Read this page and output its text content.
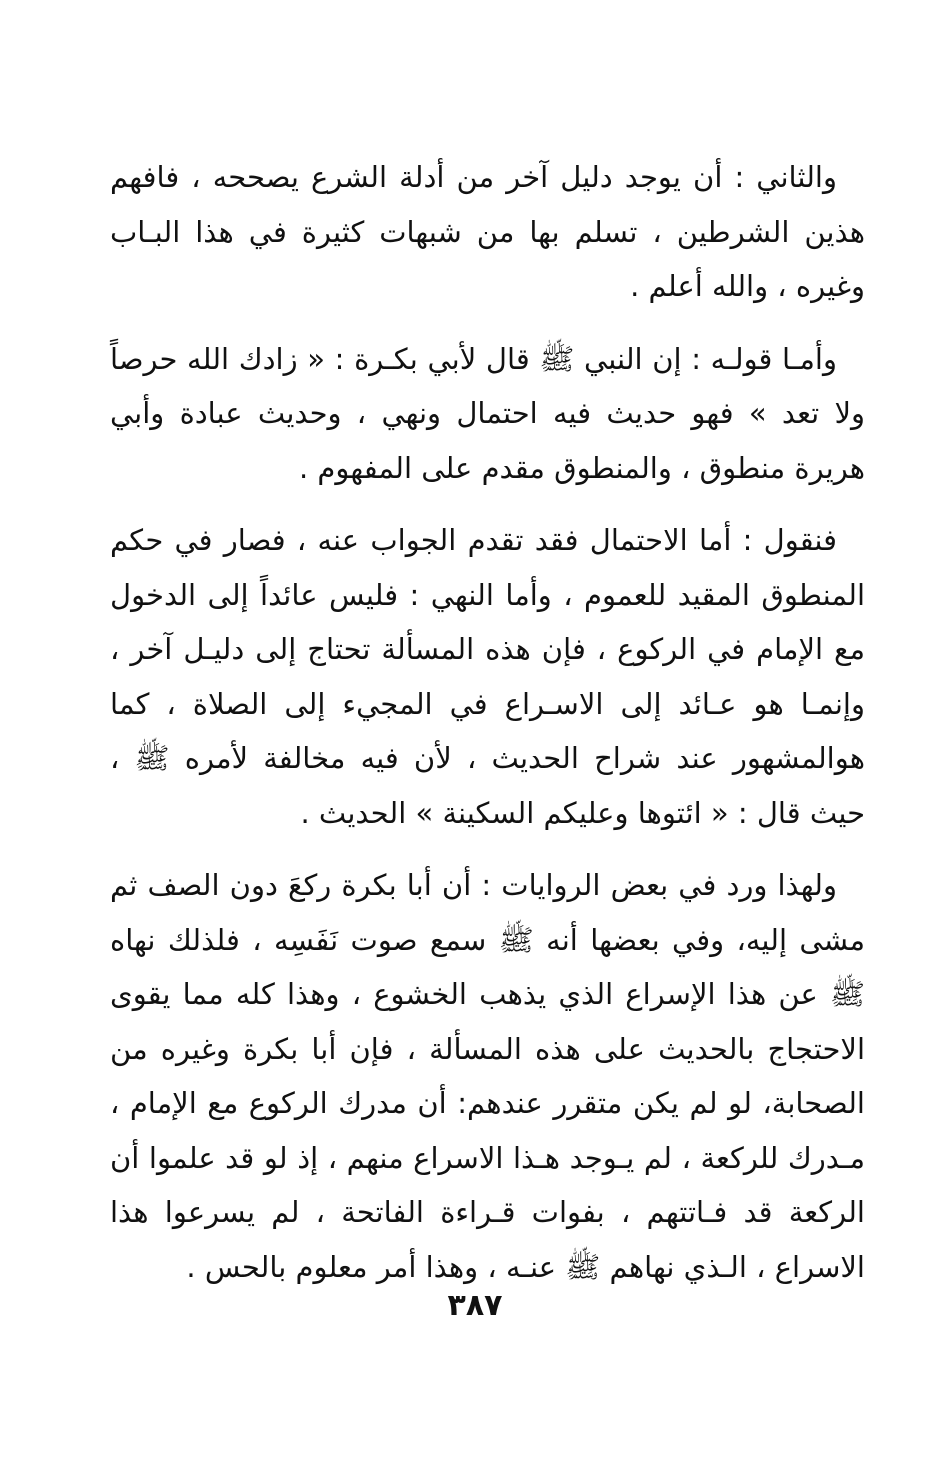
والثاني : أن يوجد دليل آخر من أدلة الشرع يصححه ، فافهم هذين الشرطين ، تسلم بها من شبهات كثيرة في هذا البـاب وغيره ، والله أعلم .

وأمـا قولـه : إن النبي ﷺ قال لأبي بكـرة : « زادك الله حرصاً ولا تعد » فهو حديث فيه احتمال ونهي ، وحديث عبادة وأبي هريرة منطوق ، والمنطوق مقدم على المفهوم .

فنقول : أما الاحتمال فقد تقدم الجواب عنه ، فصار في حكم المنطوق المقيد للعموم ، وأما النهي : فليس عائداً إلى الدخول مع الإمام في الركوع ، فإن هذه المسألة تحتاج إلى دليـل آخر ، وإنمـا هو عـائد إلى الاسـراع في المجيء إلى الصلاة ، كما هوالمشهور عند شراح الحديث ، لأن فيه مخالفة لأمره ﷺ ، حيث قال : « ائتوها وعليكم السكينة » الحديث .

ولهذا ورد في بعض الروايات : أن أبا بكرة ركعَ دون الصف ثم مشى إليه، وفي بعضها أنه ﷺ سمع صوت نَفَسِه ، فلذلك نهاه ﷺ عن هذا الإسراع الذي يذهب الخشوع ، وهذا كله مما يقوى الاحتجاج بالحديث على هذه المسألة ، فإن أبا بكرة وغيره من الصحابة، لو لم يكن متقرر عندهم: أن مدرك الركوع مع الإمام ، مـدرك للركعة ، لم يـوجد هـذا الاسراع منهم ، إذ لو قد علموا أن الركعة قد فـاتتهم ، بفوات قـراءة الفاتحة ، لم يسرعوا هذا الاسراع ، الـذي نهاهم ﷺ عنـه ، وهذا أمر معلوم بالحس .

٣٨٧
